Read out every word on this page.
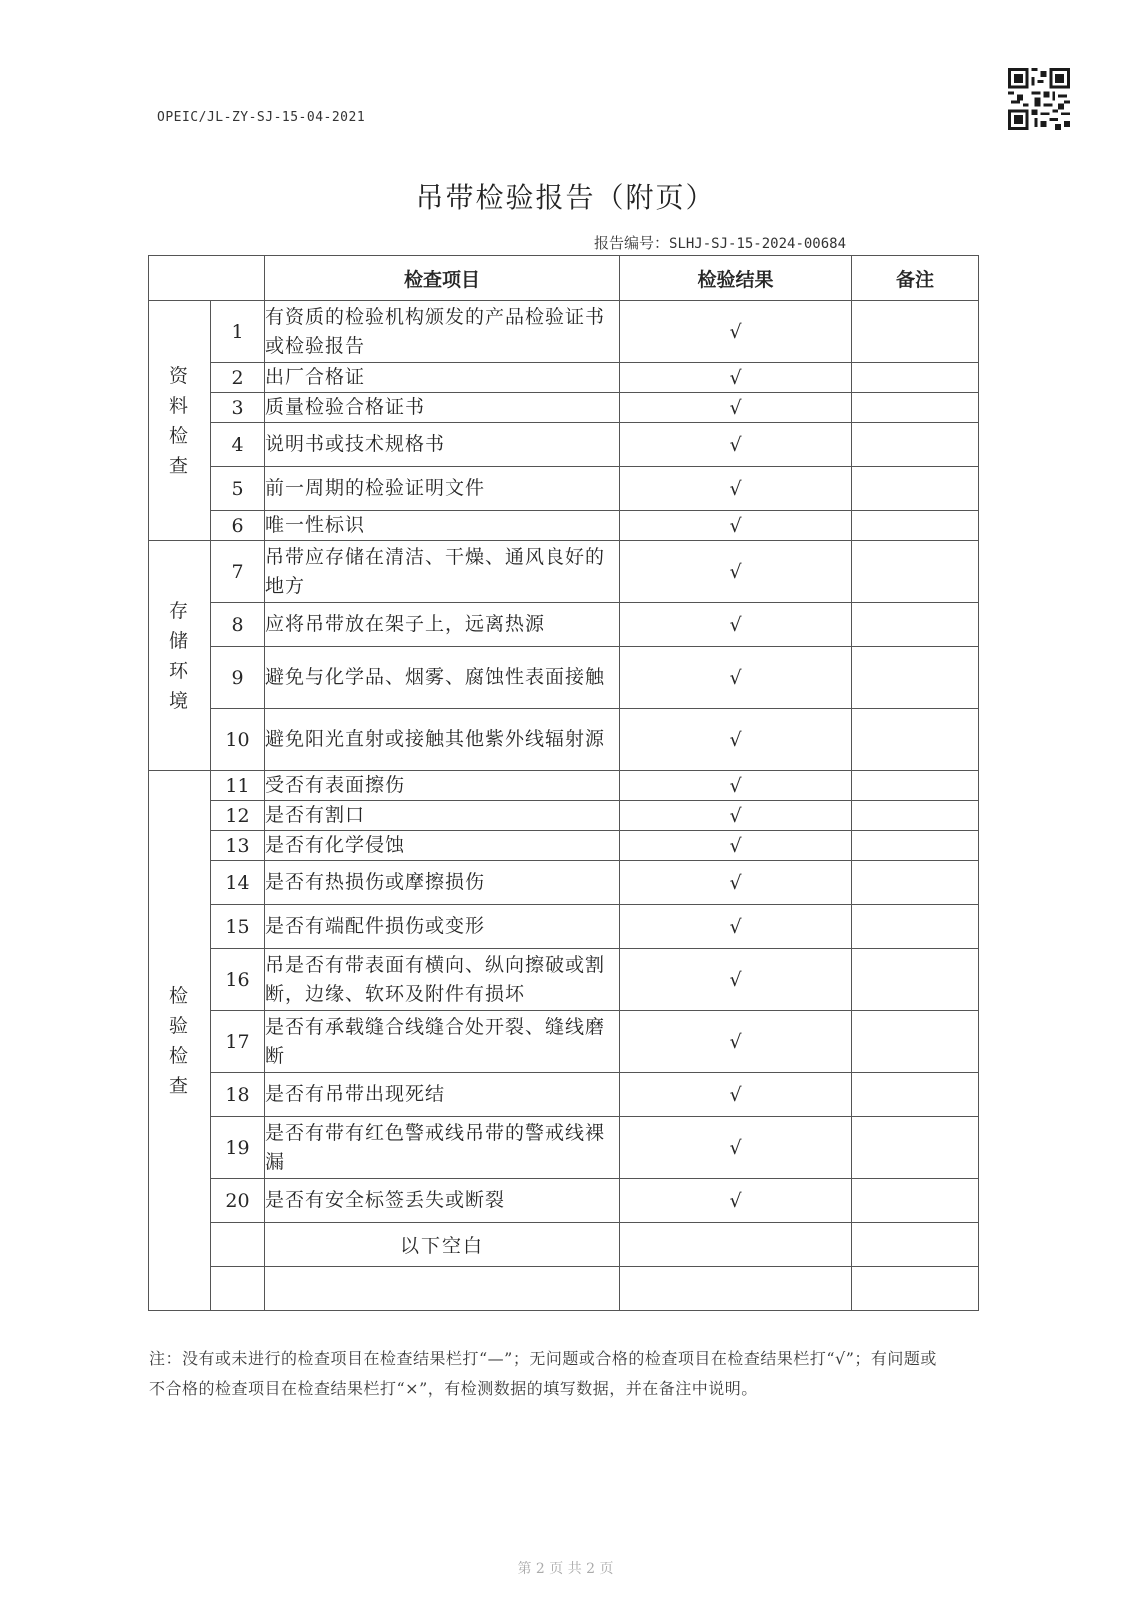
OPEIC/JL-ZY-SJ-15-04-2021
吊带检验报告（附页）
报告编号：SLHJ-SJ-15-2024-00684
		检查项目	检验结果	备注
资料检查	1	有资质的检验机构颁发的产品检验证书或检验报告	√	
	2	出厂合格证	√	
	3	质量检验合格证书	√	
	4	说明书或技术规格书	√	
	5	前一周期的检验证明文件	√	
	6	唯一性标识	√	
存储环境	7	吊带应存储在清洁、干燥、通风良好的地方	√	
	8	应将吊带放在架子上，远离热源	√	
	9	避免与化学品、烟雾、腐蚀性表面接触	√	
	10	避免阳光直射或接触其他紫外线辐射源	√	
检验检查	11	受否有表面擦伤	√	
	12	是否有割口	√	
	13	是否有化学侵蚀	√	
	14	是否有热损伤或摩擦损伤	√	
	15	是否有端配件损伤或变形	√	
	16	吊是否有带表面有横向、纵向擦破或割断，边缘、软环及附件有损坏	√	
	17	是否有承载缝合线缝合处开裂、缝线磨断	√	
	18	是否有吊带出现死结	√	
	19	是否有带有红色警戒线吊带的警戒线裸漏	√	
	20	是否有安全标签丢失或断裂	√	
		以下空白		

注：没有或未进行的检查项目在检查结果栏打“—”；无问题或合格的检查项目在检查结果栏打“√”；有问题或不合格的检查项目在检查结果栏打“×”，有检测数据的填写数据，并在备注中说明。
第 2 页 共 2 页
